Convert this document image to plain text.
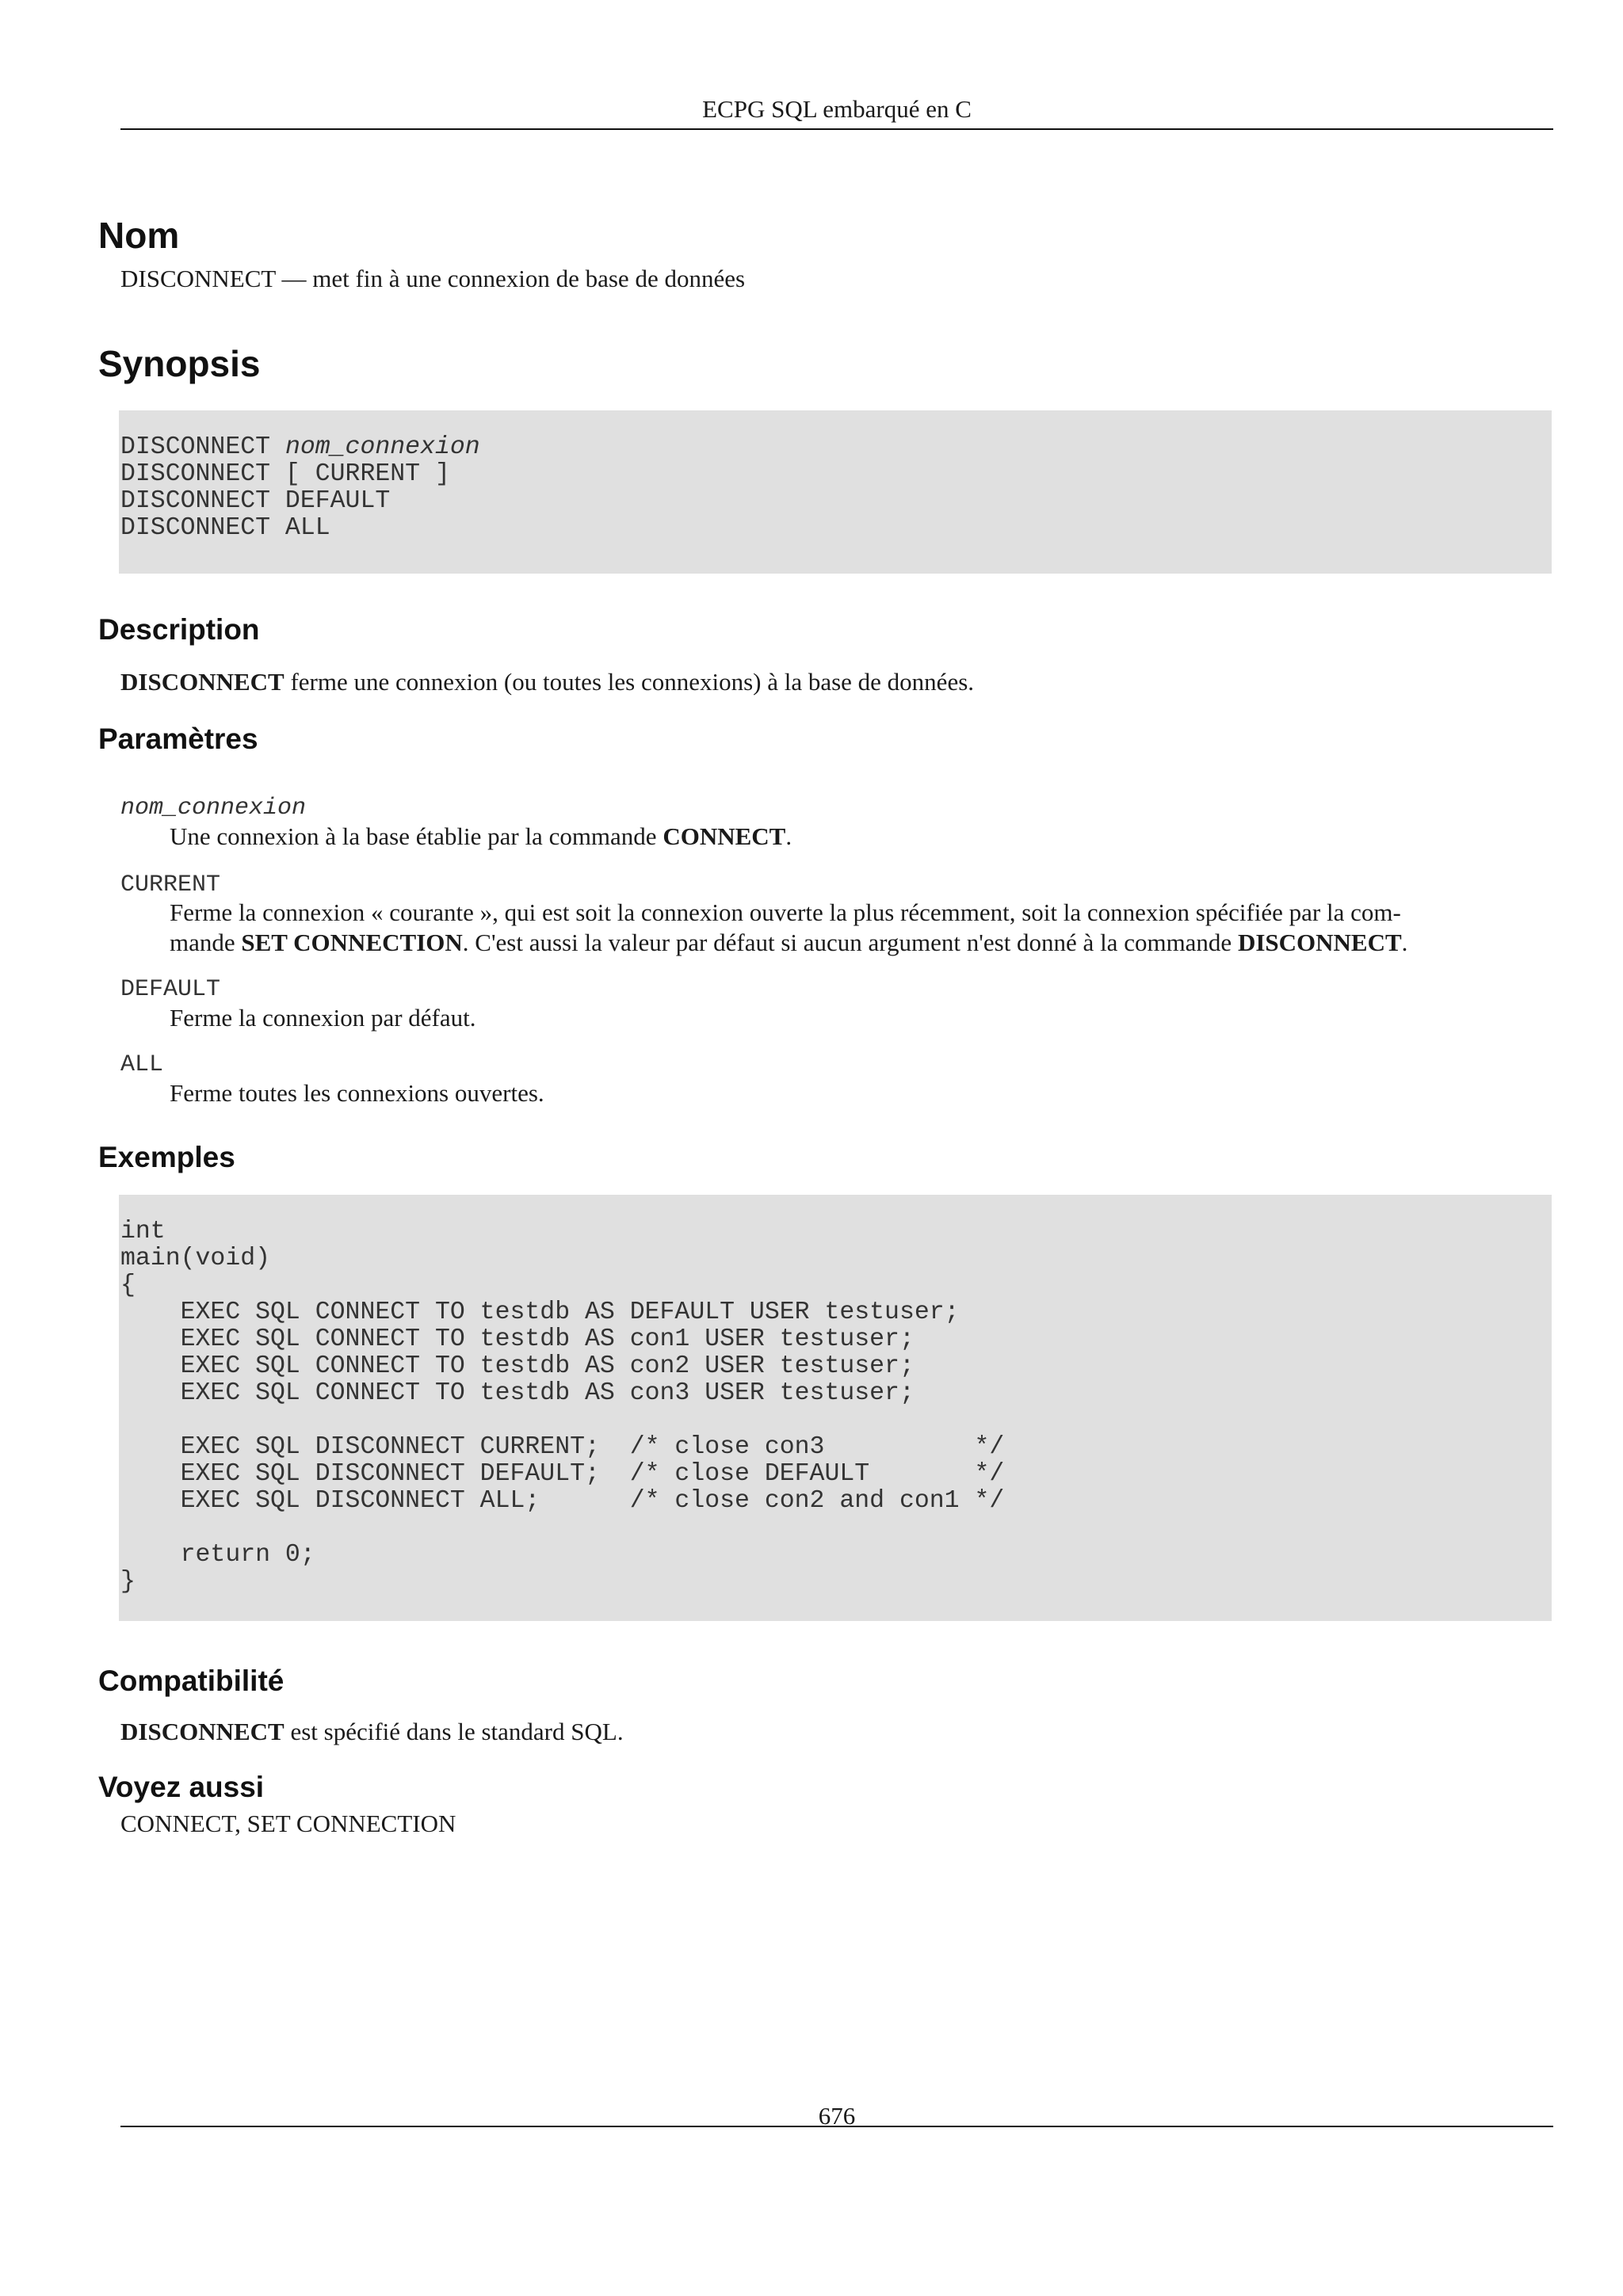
ECPG SQL embarqué en C
Nom

DISCONNECT — met fin à une connexion de base de données

Synopsis
DISCONNECT nom_connexion
DISCONNECT [ CURRENT ]
DISCONNECT DEFAULT
DISCONNECT ALL
Description

DISCONNECT ferme une connexion (ou toutes les connexions) à la base de données.

Paramètres
nom_connexion
Une connexion à la base établie par la commande CONNECT.
CURRENT
Ferme la connexion « courante », qui est soit la connexion ouverte la plus récemment, soit la connexion spécifiée par la com-
mande SET CONNECTION. C'est aussi la valeur par défaut si aucun argument n'est donné à la commande DISCONNECT.
DEFAULT
Ferme la connexion par défaut.
ALL
Ferme toutes les connexions ouvertes.
Exemples
int
main(void)
{
EXEC SQL CONNECT TO testdb AS DEFAULT USER testuser;
EXEC SQL CONNECT TO testdb AS con1 USER testuser;
EXEC SQL CONNECT TO testdb AS con2 USER testuser;
EXEC SQL CONNECT TO testdb AS con3 USER testuser;

EXEC SQL DISCONNECT CURRENT;  /* close con3          */
EXEC SQL DISCONNECT DEFAULT;  /* close DEFAULT       */
EXEC SQL DISCONNECT ALL;      /* close con2 and con1 */

return 0;
}
Compatibilité

DISCONNECT est spécifié dans le standard SQL.

Voyez aussi

CONNECT, SET CONNECTION

676
